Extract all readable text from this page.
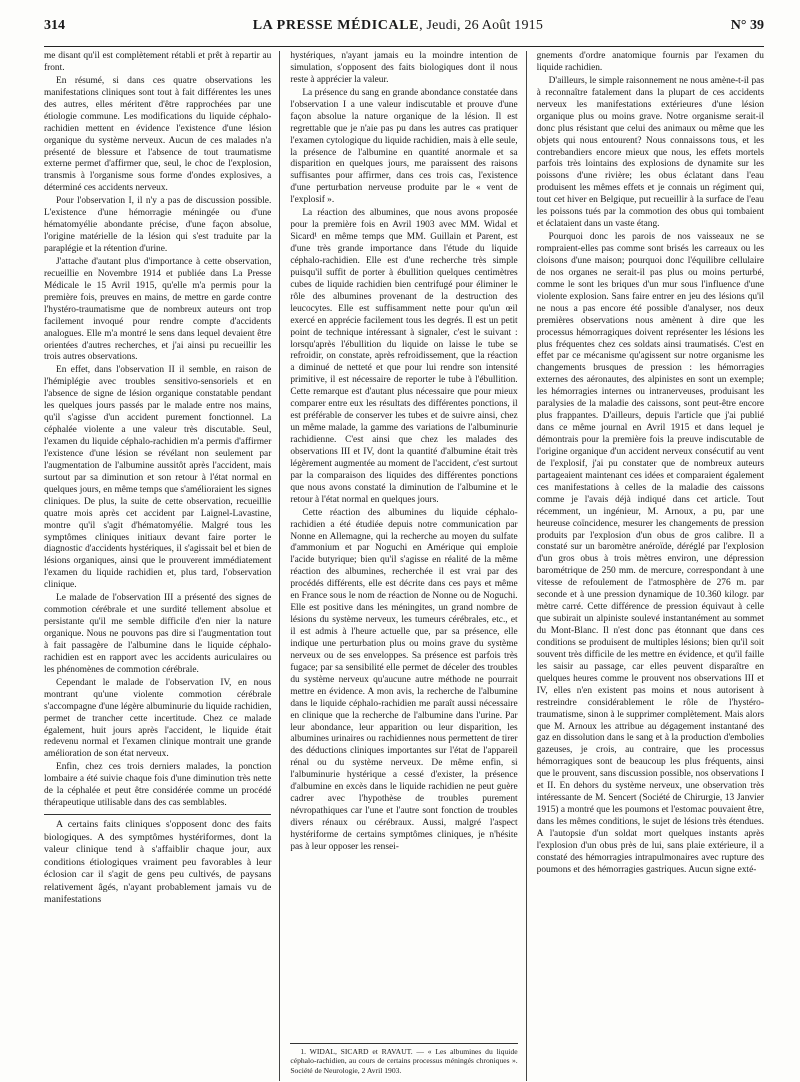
314	LA PRESSE MÉDICALE, Jeudi, 26 Août 1915	N° 39

me disant qu'il est complètement rétabli et prêt à repartir au front.

En résumé, si dans ces quatre observations les manifestations cliniques sont tout à fait différentes les unes des autres, elles méritent d'être rapprochées par une étiologie commune. Les modifications du liquide céphalo-rachidien mettent en évidence l'existence d'une lésion organique du système nerveux. Aucun de ces malades n'a présenté de blessure et l'absence de tout traumatisme externe permet d'affirmer que, seul, le choc de l'explosion, transmis à l'organisme sous forme d'ondes explosives, a déterminé ces accidents nerveux.

Pour l'observation I, il n'y a pas de discussion possible. L'existence d'une hémorragie méningée ou d'une hématomyélie abondante précise, d'une façon absolue, l'origine matérielle de la lésion qui s'est traduite par la paraplégie et la rétention d'urine.

J'attache d'autant plus d'importance à cette observation, recueillie en Novembre 1914 et publiée dans La Presse Médicale le 15 Avril 1915, qu'elle m'a permis pour la première fois, preuves en mains, de mettre en garde contre l'hystéro-traumatisme que de nombreux auteurs ont trop facilement invoqué pour rendre compte d'accidents analogues. Elle m'a montré le sens dans lequel devaient être orientées d'autres recherches, et j'ai ainsi pu recueillir les trois autres observations.

En effet, dans l'observation II il semble, en raison de l'hémiplégie avec troubles sensitivo-sensoriels et en l'absence de signe de lésion organique constatable pendant les quelques jours passés par le malade entre nos mains, qu'il s'agisse d'un accident purement fonctionnel. La céphalée violente a une valeur très discutable. Seul, l'examen du liquide céphalo-rachidien m'a permis d'affirmer l'existence d'une lésion se révélant non seulement par l'augmentation de l'albumine aussitôt après l'accident, mais surtout par sa diminution et son retour à l'état normal en quelques jours, en même temps que s'amélioraient les signes cliniques. De plus, la suite de cette observation, recueillie quatre mois après cet accident par Laignel-Lavastine, montre qu'il s'agit d'hématomyélie. Malgré tous les symptômes cliniques initiaux devant faire porter le diagnostic d'accidents hystériques, il s'agissait bel et bien de lésions organiques, ainsi que le prouverent immédiatement l'examen du liquide rachidien et, plus tard, l'observation clinique.

Le malade de l'observation III a présenté des signes de commotion cérébrale et une surdité tellement absolue et persistante qu'il me semble difficile d'en nier la nature organique. Nous ne pouvons pas dire si l'augmentation tout à fait passagère de l'albumine dans le liquide céphalo-rachidien est en rapport avec les accidents auriculaires ou les phénomènes de commotion cérébrale.

Cependant le malade de l'observation IV, en nous montrant qu'une violente commotion cérébrale s'accompagne d'une légère albuminurie du liquide rachidien, permet de trancher cette incertitude. Chez ce malade également, huit jours après l'accident, le liquide était redevenu normal et l'examen clinique montrait une grande amélioration de son état nerveux.

Enfin, chez ces trois derniers malades, la ponction lombaire a été suivie chaque fois d'une diminution très nette de la céphalée et peut être considérée comme un procédé thérapeutique utilisable dans des cas semblables.

A certains faits cliniques s'opposent donc des faits biologiques. A des symptômes hystériformes, dont la valeur clinique tend à s'affaiblir chaque jour, aux conditions étiologiques vraiment peu favorables à leur éclosion car il s'agit de gens peu cultivés, de paysans relativement âgés, n'ayant probablement jamais vu de manifestations

hystériques, n'ayant jamais eu la moindre intention de simulation, s'opposent des faits biologiques dont il nous reste à apprécier la valeur.

La présence du sang en grande abondance constatée dans l'observation I a une valeur indiscutable et prouve d'une façon absolue la nature organique de la lésion. Il est regrettable que je n'aie pas pu dans les autres cas pratiquer l'examen cytologique du liquide rachidien, mais à elle seule, la présence de l'albumine en quantité anormale et sa disparition en quelques jours, me paraissent des raisons suffisantes pour affirmer, dans ces trois cas, l'existence d'une perturbation nerveuse produite par le « vent de l'explosif ».

La réaction des albumines, que nous avons proposée pour la première fois en Avril 1903 avec MM. Widal et Sicard¹ en même temps que MM. Guillain et Parent, est d'une très grande importance dans l'étude du liquide céphalo-rachidien. Elle est d'une recherche très simple puisqu'il suffit de porter à ébullition quelques centimètres cubes de liquide rachidien bien centrifugé pour éliminer le rôle des albumines provenant de la destruction des leucocytes. Elle est suffisamment nette pour qu'un œil exercé en apprécie facilement tous les degrés. Il est un petit point de technique intéressant à signaler, c'est le suivant : lorsqu'après l'ébullition du liquide on laisse le tube se refroidir, on constate, après refroidissement, que la réaction a diminué de netteté et que pour lui rendre son intensité primitive, il est nécessaire de reporter le tube à l'ébullition. Cette remarque est d'autant plus nécessaire que pour mieux comparer entre eux les résultats des différentes ponctions, il est préférable de conserver les tubes et de suivre ainsi, chez un même malade, la gamme des variations de l'albuminurie rachidienne. C'est ainsi que chez les malades des observations III et IV, dont la quantité d'albumine était très légèrement augmentée au moment de l'accident, c'est surtout par la comparaison des liquides des différentes ponctions que nous avons constaté la diminution de l'albumine et le retour à l'état normal en quelques jours.

Cette réaction des albumines du liquide céphalo-rachidien a été étudiée depuis notre communication par Nonne en Allemagne, qui la recherche au moyen du sulfate d'ammonium et par Noguchi en Amérique qui emploie l'acide butyrique; bien qu'il s'agisse en réalité de la même réaction des albumines, recherchée il est vrai par des procédés différents, elle est décrite dans ces pays et même en France sous le nom de réaction de Nonne ou de Noguchi. Elle est positive dans les méningites, un grand nombre de lésions du système nerveux, les tumeurs cérébrales, etc., et il est admis à l'heure actuelle que, par sa présence, elle indique une perturbation plus ou moins grave du système nerveux ou de ses enveloppes. Sa présence est parfois très fugace; par sa sensibilité elle permet de déceler des troubles du système nerveux qu'aucune autre méthode ne pourrait mettre en évidence. A mon avis, la recherche de l'albumine dans le liquide céphalo-rachidien me paraît aussi nécessaire en clinique que la recherche de l'albumine dans l'urine. Par leur abondance, leur apparition ou leur disparition, les albumines urinaires ou rachidiennes nous permettent de tirer des déductions cliniques importantes sur l'état de l'appareil rénal ou du système nerveux. De même enfin, si l'albuminurie hystérique a cessé d'exister, la présence d'albumine en excès dans le liquide rachidien ne peut guère cadrer avec l'hypothèse de troubles purement névropathiques car l'une et l'autre sont fonction de troubles divers rénaux ou cérébraux. Aussi, malgré l'aspect hystériforme de certains symptômes cliniques, je n'hésite pas à leur opposer les rensei-

1. WIDAL, SICARD et RAVAUT. — « Les albumines du liquide céphalo-rachidien, au cours de certains processus méningés chroniques ». Société de Neurologie, 2 Avril 1903.

gnements d'ordre anatomique fournis par l'examen du liquide rachidien.

D'ailleurs, le simple raisonnement ne nous amène-t-il pas à reconnaître fatalement dans la plupart de ces accidents nerveux les manifestations extérieures d'une lésion organique plus ou moins grave. Notre organisme serait-il donc plus résistant que celui des animaux ou même que les objets qui nous entourent? Nous connaissons tous, et les contrebandiers encore mieux que nous, les effets mortels parfois très lointains des explosions de dynamite sur les poissons d'une rivière; les obus éclatant dans l'eau produisent les mêmes effets et je connais un régiment qui, tout cet hiver en Belgique, put recueillir à la surface de l'eau les poissons tués par la commotion des obus qui tombaient et éclataient dans un vaste étang.

Pourquoi donc les parois de nos vaisseaux ne se rompraient-elles pas comme sont brisés les carreaux ou les cloisons d'une maison; pourquoi donc l'équilibre cellulaire de nos organes ne serait-il pas plus ou moins perturbé, comme le sont les briques d'un mur sous l'influence d'une violente explosion. Sans faire entrer en jeu des lésions qu'il ne nous a pas encore été possible d'analyser, nos deux premières observations nous amènent à dire que les processus hémorragiques doivent représenter les lésions les plus fréquentes chez ces soldats ainsi traumatisés. C'est en effet par ce mécanisme qu'agissent sur notre organisme les changements brusques de pression : les hémorragies externes des aéronautes, des alpinistes en sont un exemple; les hémorragies internes ou intranerveuses, produisant les paralysies de la maladie des caissons, sont peut-être encore plus frappantes. D'ailleurs, depuis l'article que j'ai publié dans ce même journal en Avril 1915 et dans lequel je démontrais pour la première fois la preuve indiscutable de l'origine organique d'un accident nerveux consécutif au vent de l'explosif, j'ai pu constater que de nombreux auteurs partageaient maintenant ces idées et comparaient également ces manifestations à celles de la maladie des caissons comme je l'avais déjà indiqué dans cet article. Tout récemment, un ingénieur, M. Arnoux, a pu, par une heureuse coïncidence, mesurer les changements de pression produits par l'explosion d'un obus de gros calibre. Il a constaté sur un baromètre anéroïde, déréglé par l'explosion d'un gros obus à trois mètres environ, une dépression barométrique de 250 mm. de mercure, correspondant à une vitesse de refoulement de l'atmosphère de 276 m. par seconde et à une pression dynamique de 10.360 kilogr. par mètre carré. Cette différence de pression équivaut à celle que subirait un alpiniste soulevé instantanément au sommet du Mont-Blanc. Il n'est donc pas étonnant que dans ces conditions se produisent de multiples lésions; bien qu'il soit souvent très difficile de les mettre en évidence, et qu'il faille les saisir au passage, car elles peuvent disparaître en quelques heures comme le prouvent nos observations III et IV, elles n'en existent pas moins et nous autorisent à restreindre considérablement le rôle de l'hystéro-traumatisme, sinon à le supprimer complètement. Mais alors que M. Arnoux les attribue au dégagement instantané des gaz en dissolution dans le sang et à la production d'embolies gazeuses, je crois, au contraire, que les processus hémorragiques sont de beaucoup les plus fréquents, ainsi que le prouvent, sans discussion possible, nos observations I et II. En dehors du système nerveux, une observation très intéressante de M. Sencert (Société de Chirurgie, 13 Janvier 1915) a montré que les poumons et l'estomac pouvaient être, dans les mêmes conditions, le sujet de lésions très étendues. A l'autopsie d'un soldat mort quelques instants après l'explosion d'un obus près de lui, sans plaie extérieure, il a constaté des hémorragies intrapulmonaires avec rupture des poumons et des hémorragies gastriques. Aucun signe exté-
